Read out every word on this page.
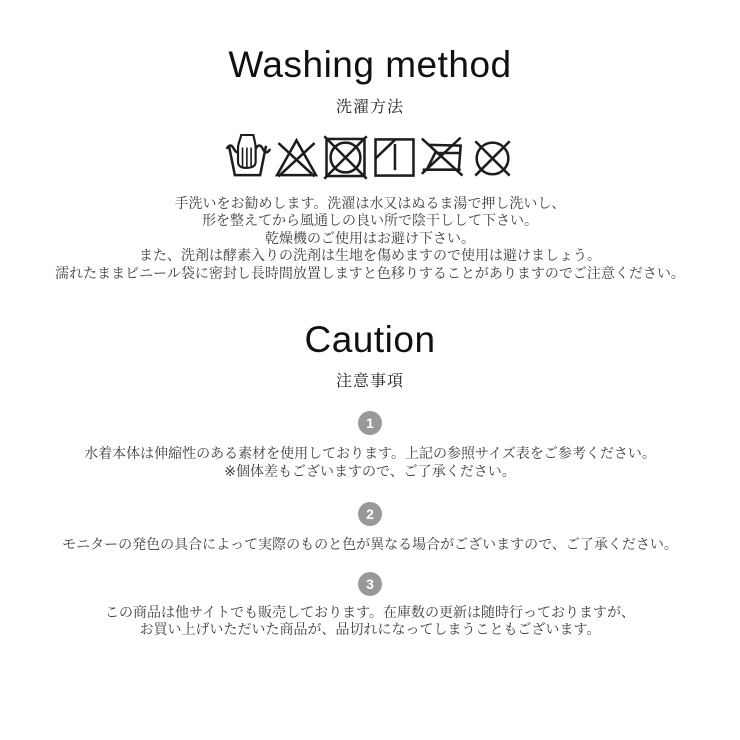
Washing method
洗濯方法
手洗いをお勧めします。洗濯は水又はぬるま湯で押し洗いし、
形を整えてから風通しの良い所で陰干しして下さい。
乾燥機のご使用はお避け下さい。
また、洗剤は酵素入りの洗剤は生地を傷めますので使用は避けましょう。
濡れたままビニール袋に密封し長時間放置しますと色移りすることがありますのでご注意ください。
Caution
注意事項
1
水着本体は伸縮性のある素材を使用しております。上記の参照サイズ表をご参考ください。
※個体差もございますので、ご了承ください。
2
モニターの発色の具合によって実際のものと色が異なる場合がございますので、ご了承ください。
3
この商品は他サイトでも販売しております。在庫数の更新は随時行っておりますが、
お買い上げいただいた商品が、品切れになってしまうこともございます。
